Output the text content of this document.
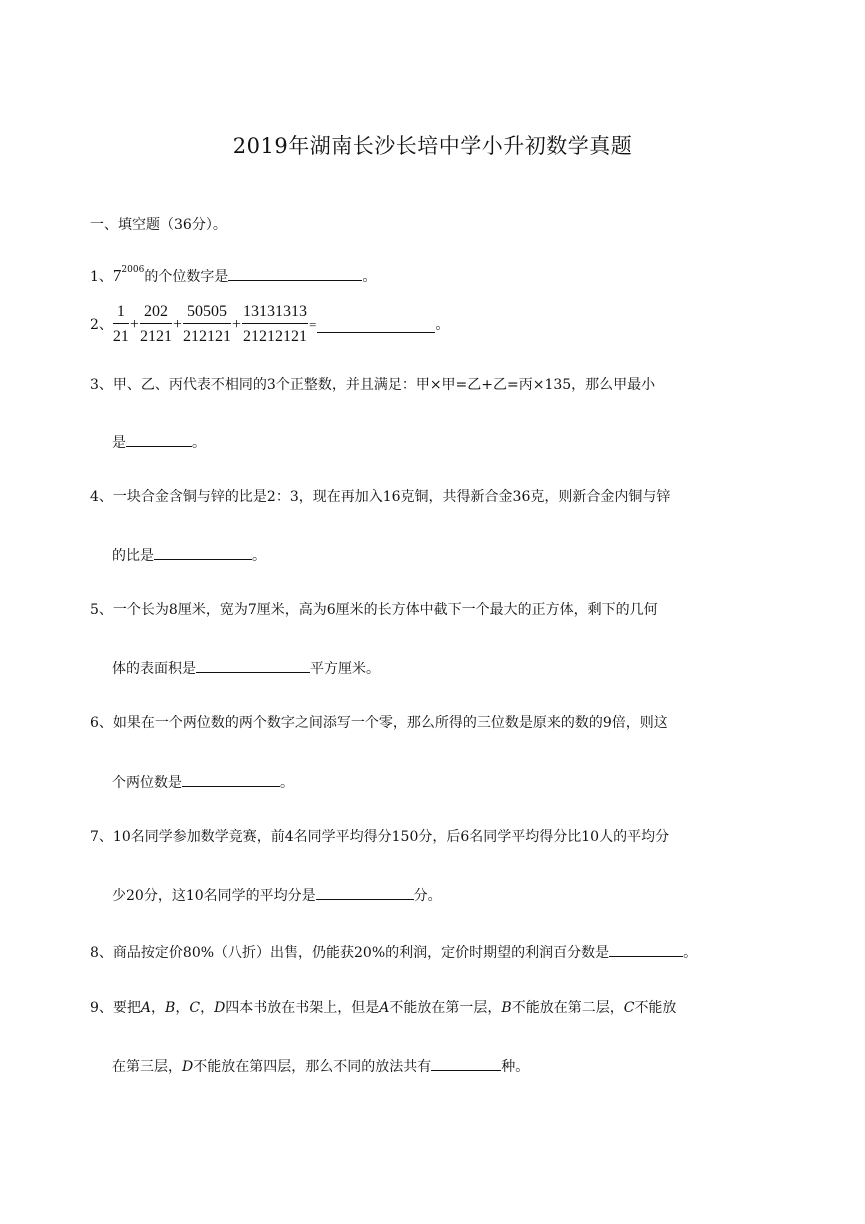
2019年湖南长沙长培中学小升初数学真题
一、填空题（36分）。
1、$7^{2006}$的个位数字是	。
2、 $\frac{1}{21} + \frac{202}{2121} + \frac{50505}{212121} + \frac{13131313}{21212121}$ =	。
3、甲、乙、丙代表不相同的3个正整数，并且满足：甲×甲=乙+乙=丙×135，那么甲最小
是	。
4、一块合金含铜与锌的比是2：3，现在再加入16克铜，共得新合金36克，则新合金内铜与锌
的比是	。
5、一个长为8厘米，宽为7厘米，高为6厘米的长方体中截下一个最大的正方体，剩下的几何
体的表面积是	平方厘米。
6、如果在一个两位数的两个数字之间添写一个零，那么所得的三位数是原来的数的9倍，则这
个两位数是	。
7、10名同学参加数学竞赛，前4名同学平均得分150分，后6名同学平均得分比10人的平均分
少20分，这10名同学的平均分是	分。
8、商品按定价80%（八折）出售，仍能获20%的利润，定价时期望的利润百分数是	。
9、要把A，B，C，D四本书放在书架上，但是A不能放在第一层，B不能放在第二层，C不能放
在第三层，D不能放在第四层，那么不同的放法共有	种。
